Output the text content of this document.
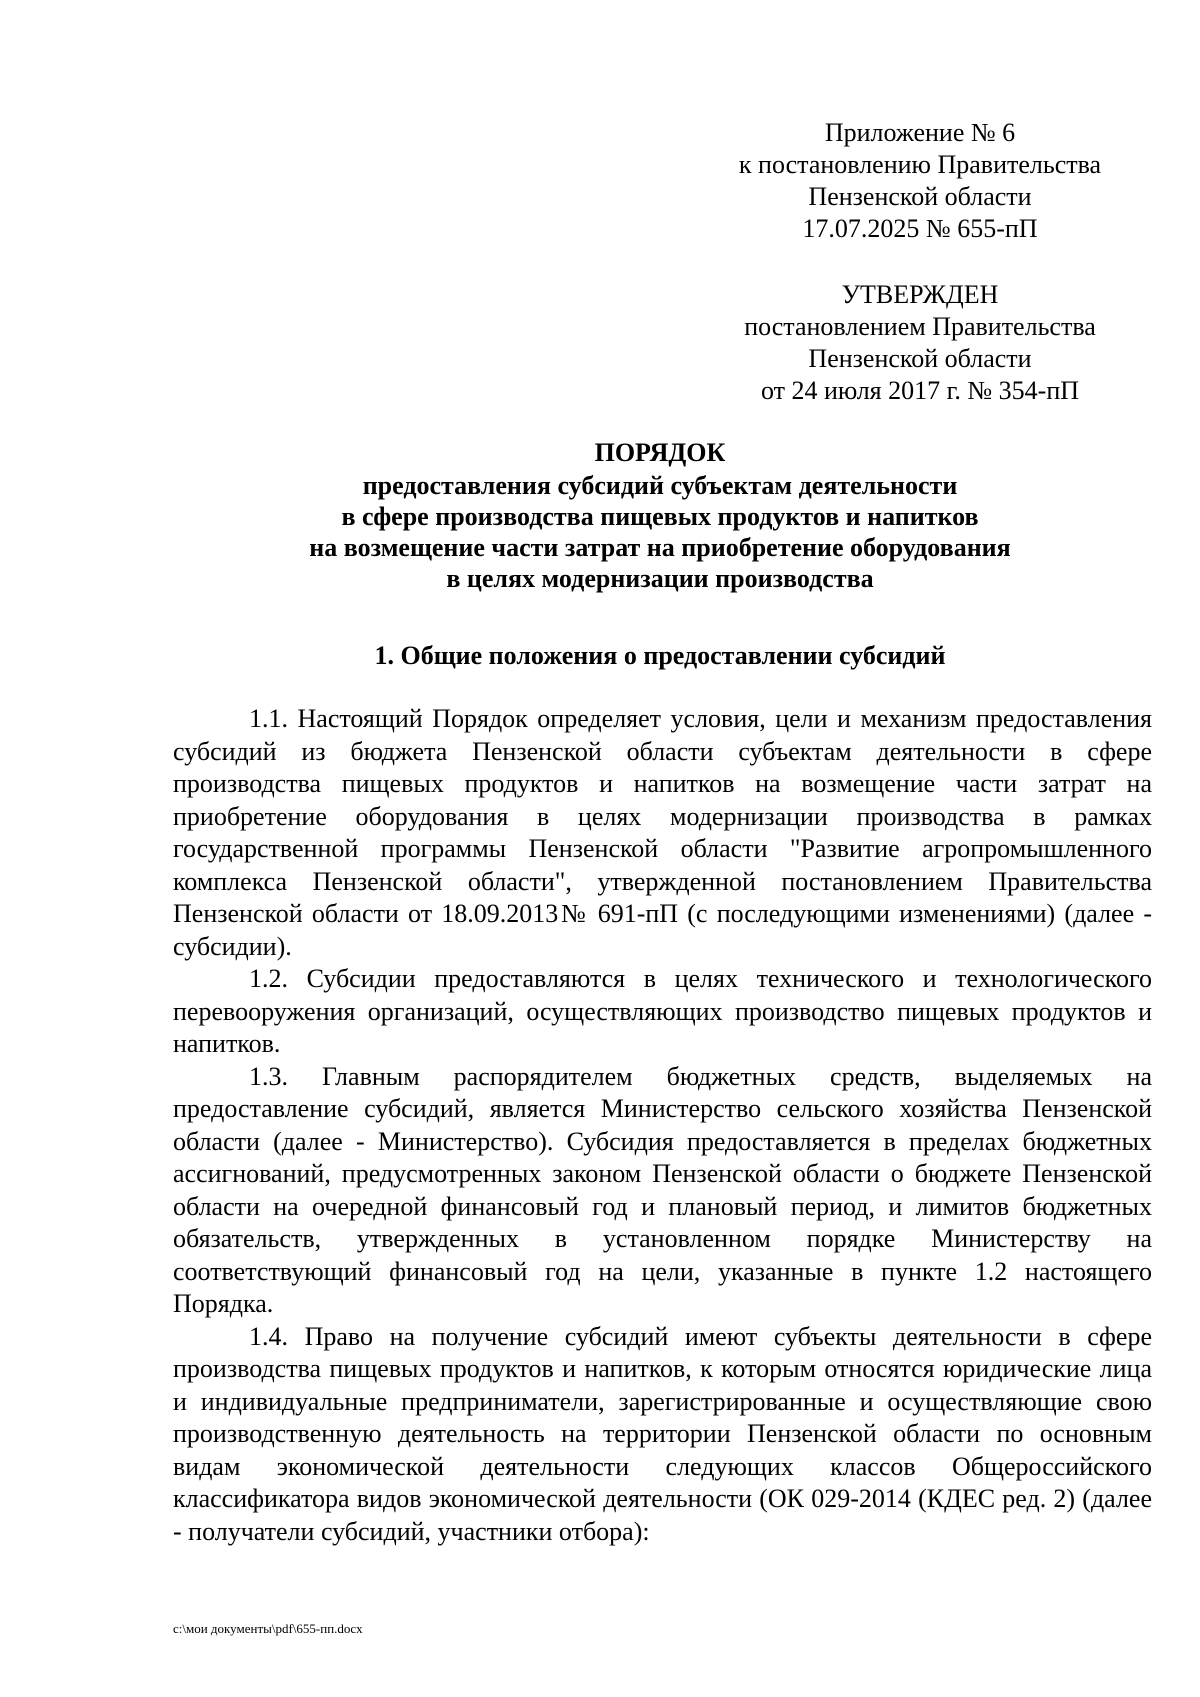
Приложение № 6
к постановлению Правительства
Пензенской области
17.07.2025 № 655-пП
УТВЕРЖДЕН
постановлением Правительства
Пензенской области
от 24 июля 2017 г. № 354-пП
ПОРЯДОК
предоставления субсидий субъектам деятельности
в сфере производства пищевых продуктов и напитков
на возмещение части затрат на приобретение оборудования
в целях модернизации производства
1. Общие положения о предоставлении субсидий

1.1. Настоящий Порядок определяет условия, цели и механизм предоставления субсидий из бюджета Пензенской области субъектам деятельности в сфере производства пищевых продуктов и напитков на возмещение части затрат на приобретение оборудования в целях модернизации производства в рамках государственной программы Пензенской области "Развитие агропромышленного комплекса Пензенской области", утвержденной постановлением Правительства Пензенской области от 18.09.2013№ 691-пП (с последующими изменениями) (далее - субсидии).

1.2. Субсидии предоставляются в целях технического и технологического перевооружения организаций, осуществляющих производство пищевых продуктов и напитков.

1.3. Главным распорядителем бюджетных средств, выделяемых на предоставление субсидий, является Министерство сельского хозяйства Пензенской области (далее - Министерство). Субсидия предоставляется в пределах бюджетных ассигнований, предусмотренных законом Пензенской области о бюджете Пензенской области на очередной финансовый год и плановый период, и лимитов бюджетных обязательств, утвержденных в установленном порядке Министерству на соответствующий финансовый год на цели, указанные в пункте 1.2 настоящего Порядка.

1.4. Право на получение субсидий имеют субъекты деятельности в сфере производства пищевых продуктов и напитков, к которым относятся юридические лица и индивидуальные предприниматели, зарегистрированные и осуществляющие свою производственную деятельность на территории Пензенской области по основным видам экономической деятельности следующих классов Общероссийского классификатора видов экономической деятельности (ОК 029-2014 (КДЕС ред. 2) (далее - получатели субсидий, участники отбора):

c:\мои документы\pdf\655-пп.docx
